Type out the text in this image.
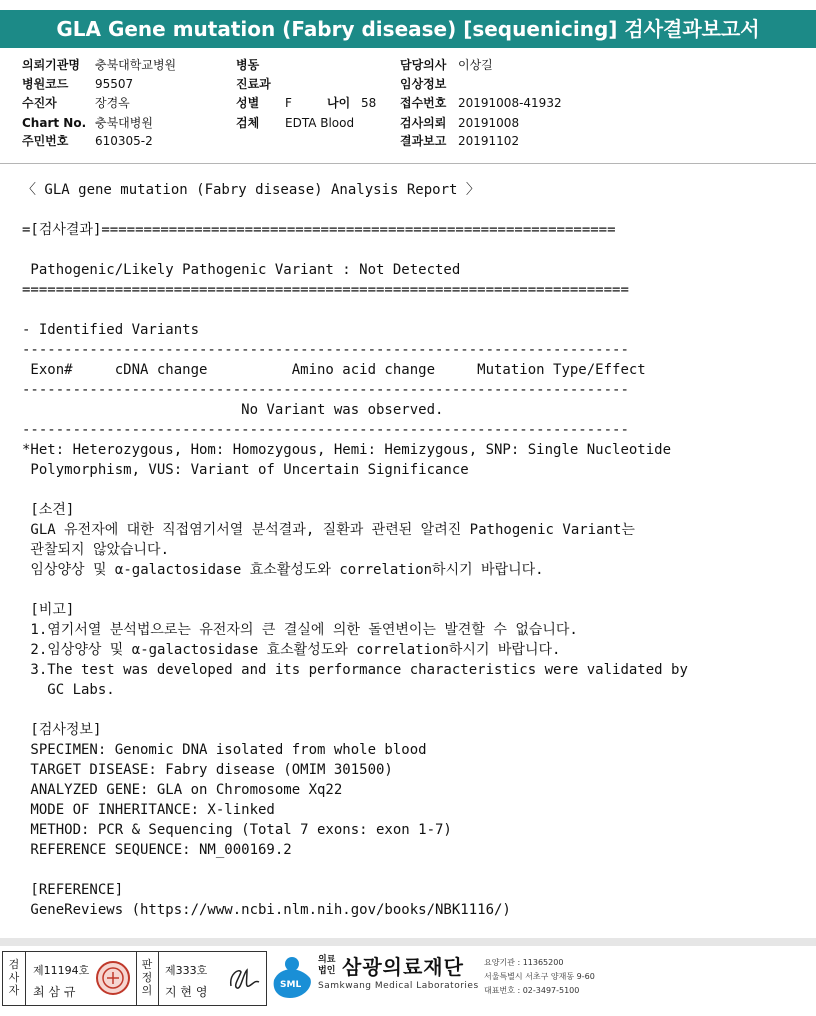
GLA Gene mutation (Fabry disease) [sequenicing] 검사결과보고서
의뢰기관명 충북대학교병원	병동	담당의사 이상길
병원코드 95507	진료과	임상정보
수진자	장경옥	성별 F	나이 58 접수번호 20191008-41932
Chart No. 충북대병원	검체 EDTA Blood	검사의뢰 20191008
주민번호 610305-2	결과보고 20191102
〈 GLA gene mutation (Fabry disease) Analysis Report 〉
=[검사결과]=============================================================
Pathogenic/Likely Pathogenic Variant : Not Detected
========================================================================
- Identified Variants
------------------------------------------------------------------------
Exon#     cDNA change          Amino acid change     Mutation Type/Effect
------------------------------------------------------------------------
No Variant was observed.
------------------------------------------------------------------------
*Het: Heterozygous, Hom: Homozygous, Hemi: Hemizygous, SNP: Single Nucleotide
Polymorphism, VUS: Variant of Uncertain Significance
[소견]
GLA 유전자에 대한 직접염기서열 분석결과, 질환과 관련된 알려진 Pathogenic Variant는
관찰되지 않았습니다.
임상양상 및 α-galactosidase 효소활성도와 correlation하시기 바랍니다.
[비고]
1.염기서열 분석법으로는 유전자의 큰 결실에 의한 돌연변이는 발견할 수 없습니다.
2.임상양상 및 α-galactosidase 효소활성도와 correlation하시기 바랍니다.
3.The test was developed and its performance characteristics were validated by
GC Labs.
[검사정보]
SPECIMEN: Genomic DNA isolated from whole blood
TARGET DISEASE: Fabry disease (OMIM 301500)
ANALYZED GENE: GLA on Chromosome Xq22
MODE OF INHERITANCE: X-linked
METHOD: PCR & Sequencing (Total 7 exons: exon 1-7)
REFERENCE SEQUENCE: NM_000169.2
[REFERENCE]
GeneReviews (https://www.ncbi.nlm.nih.gov/books/NBK1116/)
검사자
제11194호
최 삼 규
판정의
제333호
지 현 영	SML
의료
법인 삼광의료재단
Samkwang Medical Laboratories
요양기관 : 11365200
서울특별시 서초구 양재동 9-60
대표번호 : 02-3497-5100
